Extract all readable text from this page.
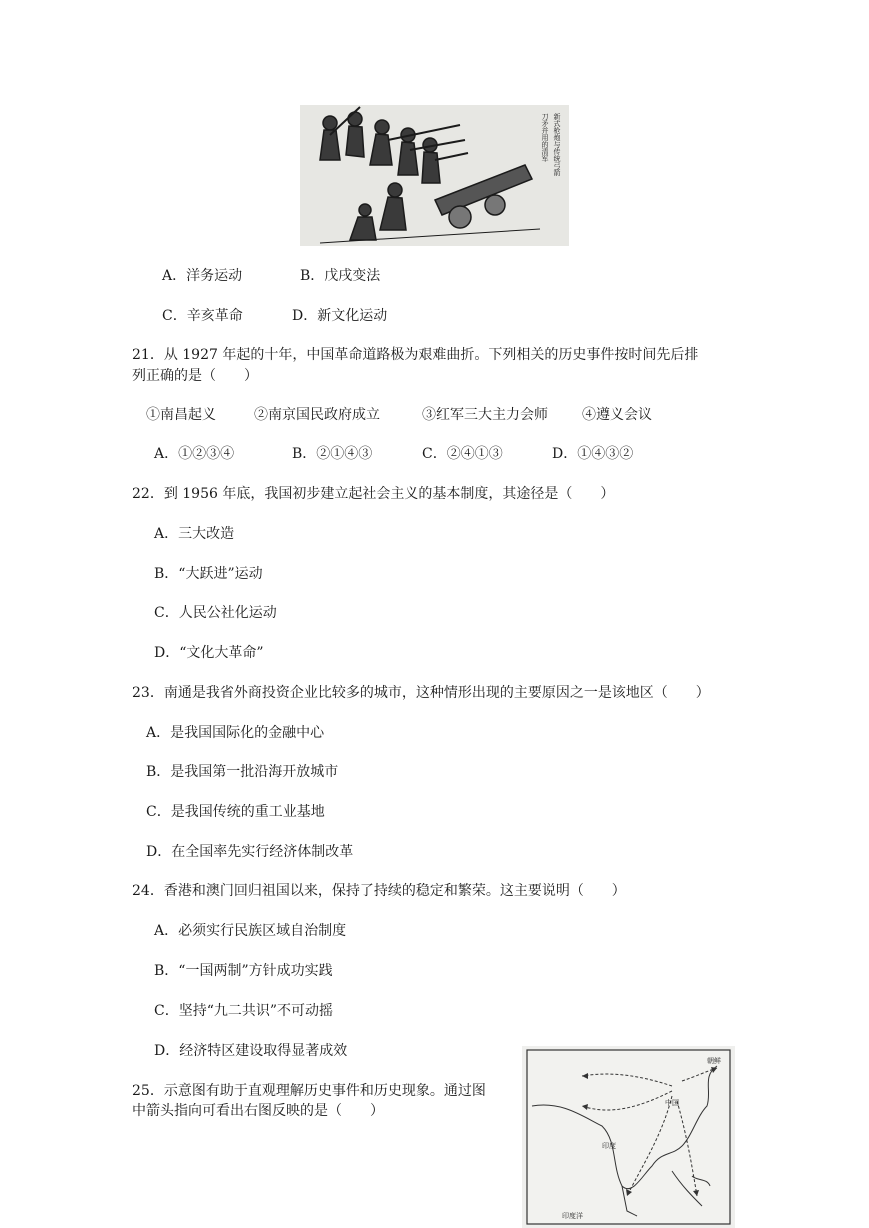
新式枪炮与传统弓箭
刀矛并用的清军
A．洋务运动	B．戊戌变法
C．辛亥革命	D．新文化运动
21．从 1927 年起的十年，中国革命道路极为艰难曲折。下列相关的历史事件按时间先后排
列正确的是（　　）
①南昌起义	②南京国民政府成立	③红军三大主力会师 ④遵义会议
A．①②③④	B．②①④③	C．②④①③	D．①④③②
22．到 1956 年底，我国初步建立起社会主义的基本制度，其途径是（　　）
A．三大改造
B．“大跃进”运动
C．人民公社化运动
D．“文化大革命”
23．南通是我省外商投资企业比较多的城市，这种情形出现的主要原因之一是该地区（　　）
A．是我国国际化的金融中心
B．是我国第一批沿海开放城市
C．是我国传统的重工业基地
D．在全国率先实行经济体制改革
24．香港和澳门回归祖国以来，保持了持续的稳定和繁荣。这主要说明（　　）
A．必须实行民族区域自治制度
B．“一国两制”方针成功实践
C．坚持“九二共识”不可动摇
D．经济特区建设取得显著成效
25．示意图有助于直观理解历史事件和历史现象。通过图
中箭头指向可看出右图反映的是（　　）	中国
印度
印度洋
朝鲜
